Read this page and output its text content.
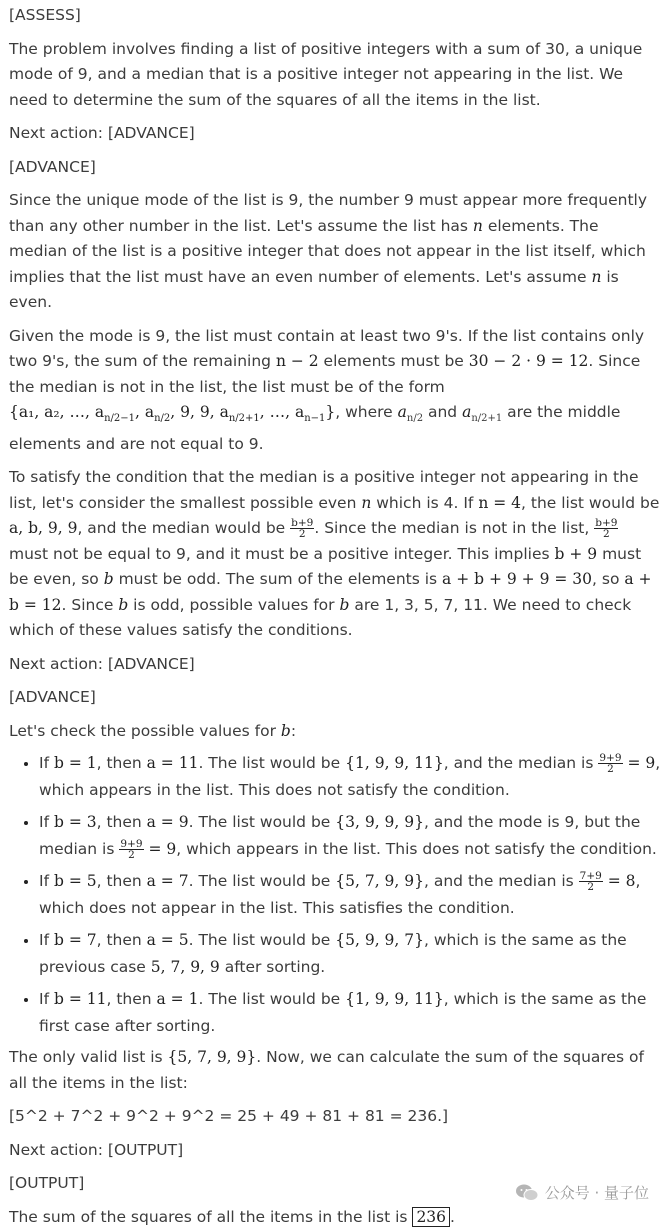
[ASSESS]

The problem involves finding a list of positive integers with a sum of 30, a unique mode of 9, and a median that is a positive integer not appearing in the list. We need to determine the sum of the squares of all the items in the list.

Next action: [ADVANCE]

[ADVANCE]

Since the unique mode of the list is 9, the number 9 must appear more frequently than any other number in the list. Let's assume the list has n elements. The median of the list is a positive integer that does not appear in the list itself, which implies that the list must have an even number of elements. Let's assume n is even.

Given the mode is 9, the list must contain at least two 9's. If the list contains only two 9's, the sum of the remaining n − 2 elements must be 30 − 2 · 9 = 12. Since the median is not in the list, the list must be of the form
{a₁, a₂, …, $a_{n/2-1}$, $a_{n/2}$, 9, 9, $a_{n/2+1}$, …, $a_{n-1}$}, where $a_{n/2}$ and $a_{n/2+1}$ are the middle elements and are not equal to 9.

To satisfy the condition that the median is a positive integer not appearing in the list, let's consider the smallest possible even n which is 4. If n = 4, the list would be a, b, 9, 9, and the median would be $\frac{b+9}{2}$ . Since the median is not in the list, $\frac{b+9}{2}$
must not be equal to 9, and it must be a positive integer. This implies b + 9 must be even, so b must be odd. The sum of the elements is a + b + 9 + 9 = 30, so a + b = 12. Since b is odd, possible values for b are 1, 3, 5, 7, 11. We need to check which of these values satisfy the conditions.

Next action: [ADVANCE]

[ADVANCE]

Let's check the possible values for b:

• If b = 1, then a = 11. The list would be {1, 9, 9, 11}, and the median is $\frac{9+9}{2} = 9$, which appears in the list. This does not satisfy the condition.
• If b = 3, then a = 9. The list would be {3, 9, 9, 9}, and the mode is 9, but the median is $\frac{9+9}{2} = 9$, which appears in the list. This does not satisfy the condition.
• If b = 5, then a = 7. The list would be {5, 7, 9, 9}, and the median is $\frac{7+9}{2} = 8$, which does not appear in the list. This satisfies the condition.
• If b = 7, then a = 5. The list would be {5, 9, 9, 7}, which is the same as the previous case 5, 7, 9, 9 after sorting.
• If b = 11, then a = 1. The list would be {1, 9, 9, 11}, which is the same as the first case after sorting.

The only valid list is {5, 7, 9, 9}. Now, we can calculate the sum of the squares of all the items in the list:

[5^2 + 7^2 + 9^2 + 9^2 = 25 + 49 + 81 + 81 = 236.]

Next action: [OUTPUT]

[OUTPUT]

The sum of the squares of all the items in the list is 236 .

公众号 · 量子位
